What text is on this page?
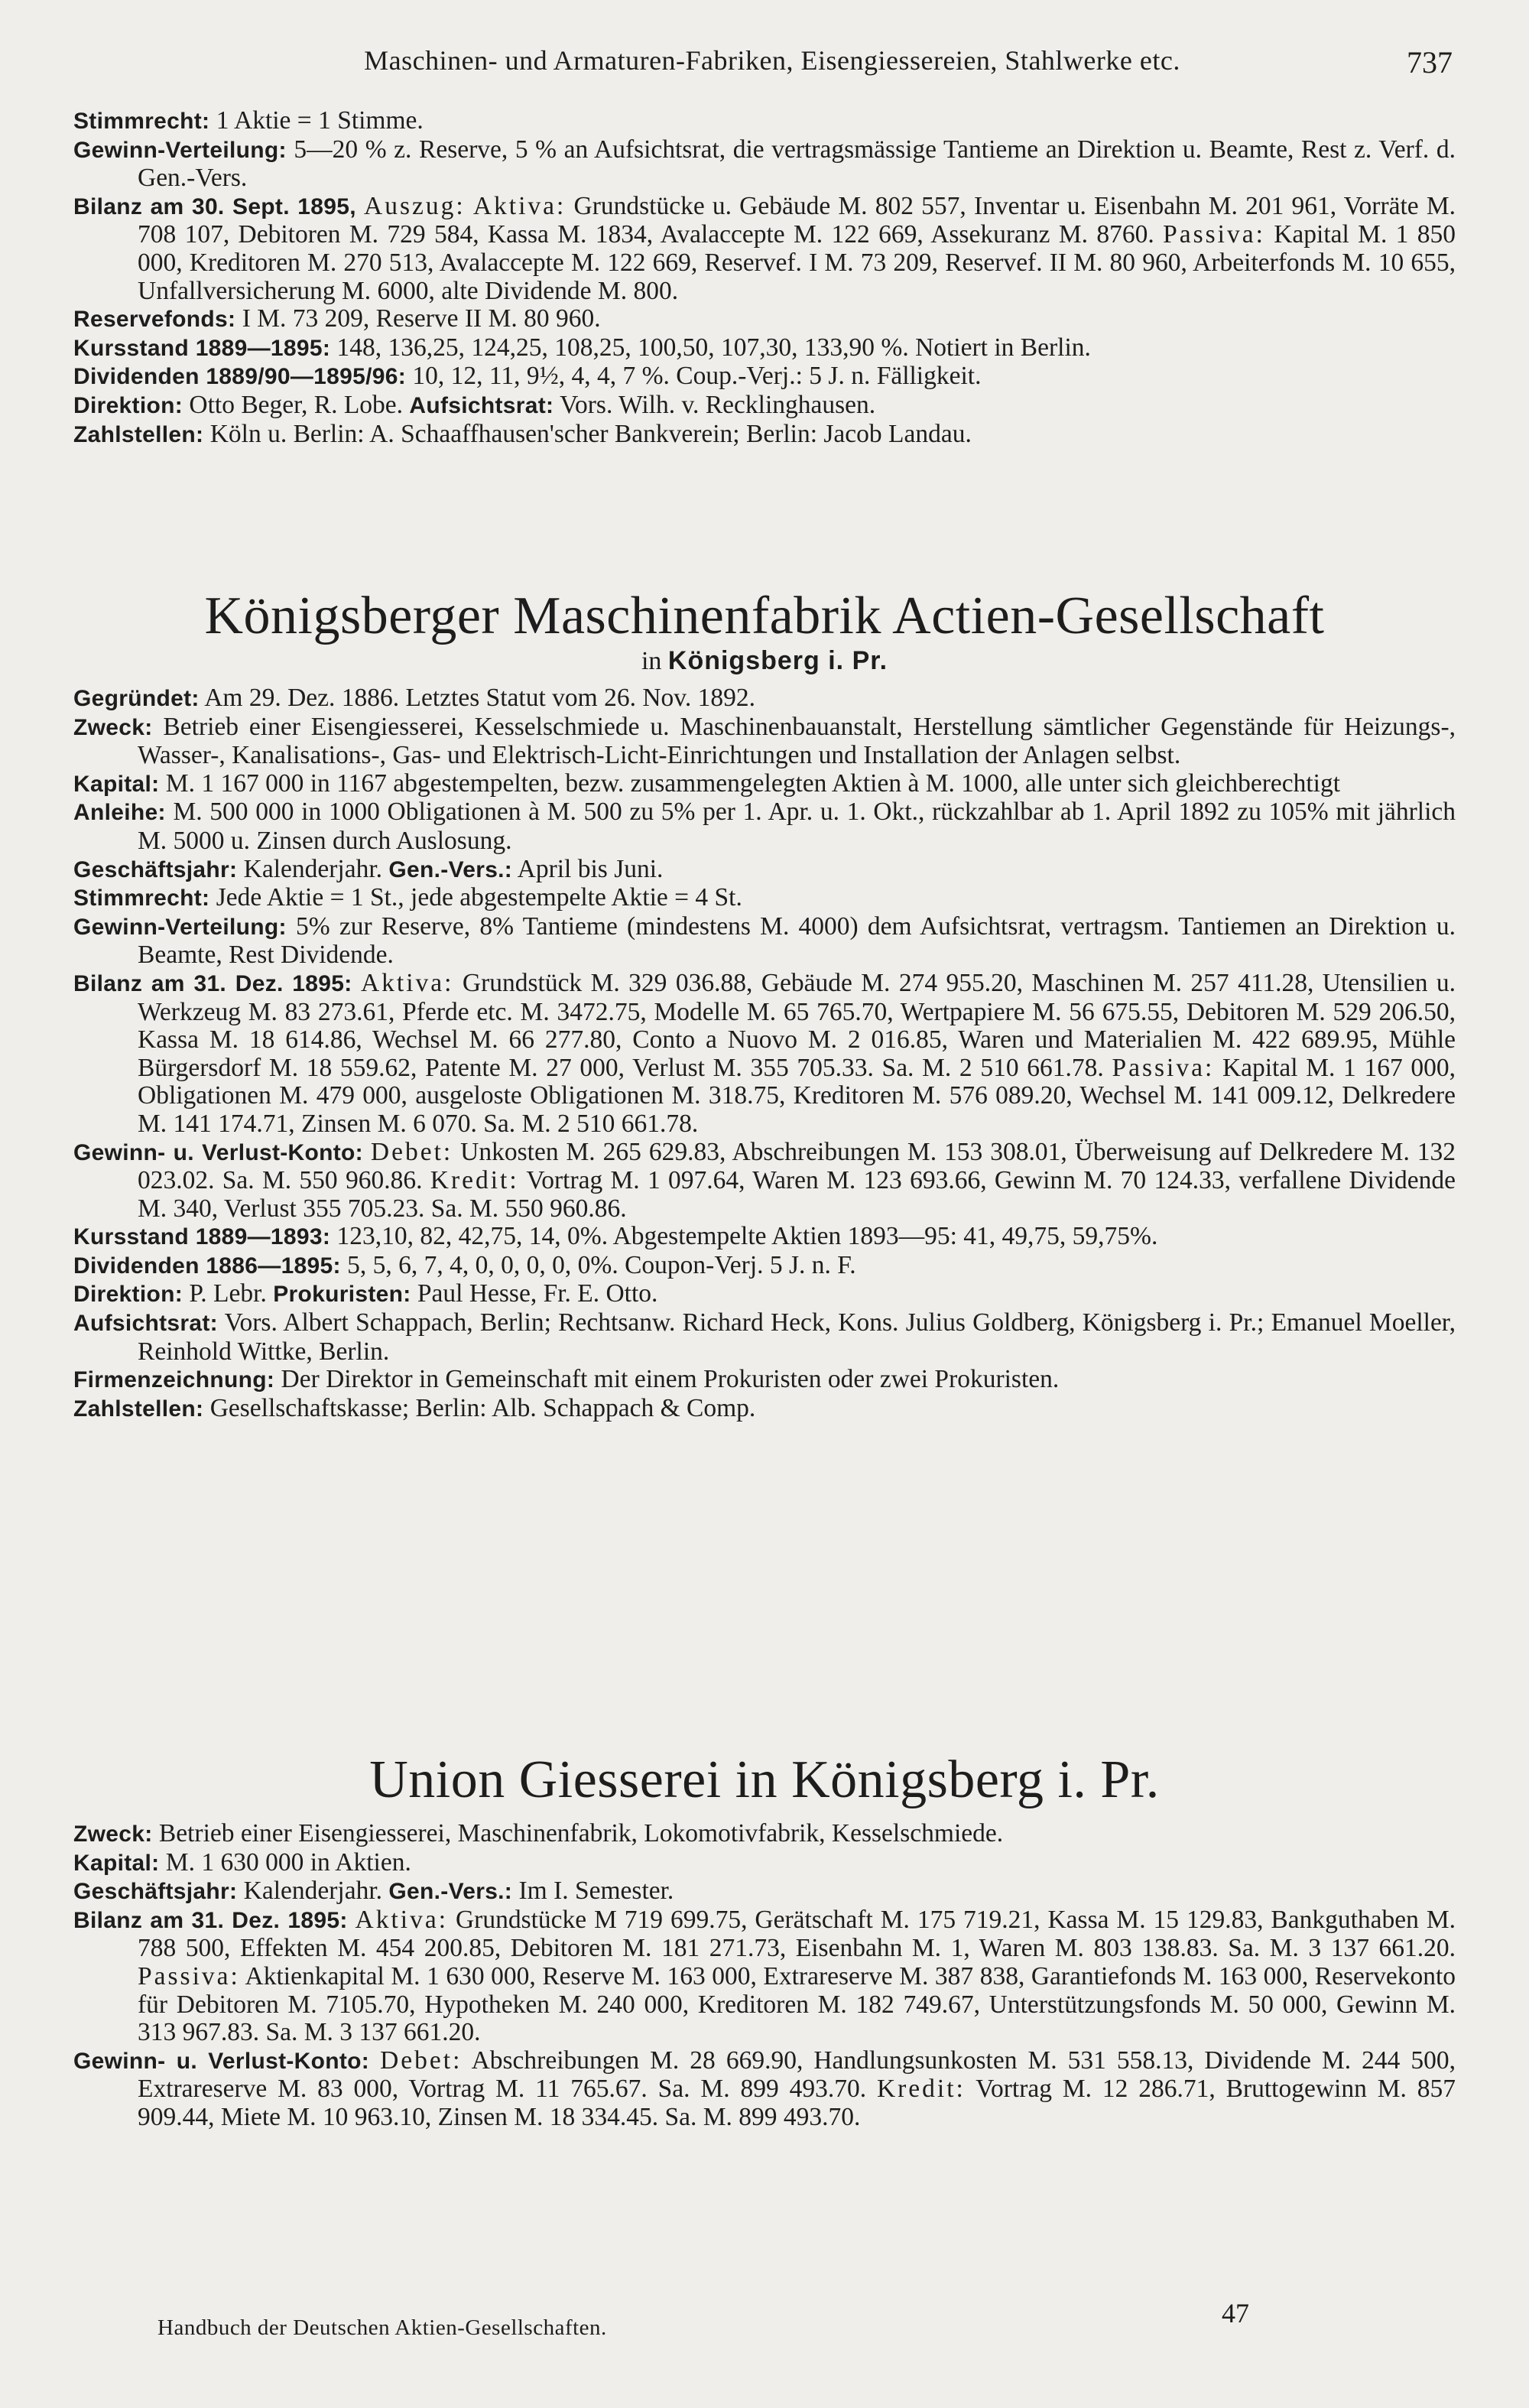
Maschinen- und Armaturen-Fabriken, Eisengiessereien, Stahlwerke etc.	737

Stimmrecht: 1 Aktie = 1 Stimme.

Gewinn-Verteilung: 5—20 % z. Reserve, 5 % an Aufsichtsrat, die vertragsmässige Tantieme an Direktion u. Beamte, Rest z. Verf. d. Gen.-Vers.

Bilanz am 30. Sept. 1895, Auszug: Aktiva: Grundstücke u. Gebäude M. 802 557, Inventar u. Eisenbahn M. 201 961, Vorräte M. 708 107, Debitoren M. 729 584, Kassa M. 1834, Avalaccepte M. 122 669, Assekuranz M. 8760. Passiva: Kapital M. 1 850 000, Kreditoren M. 270 513, Avalaccepte M. 122 669, Reservef. I M. 73 209, Reservef. II M. 80 960, Arbeiterfonds M. 10 655, Unfallversicherung M. 6000, alte Dividende M. 800.

Reservefonds: I M. 73 209, Reserve II M. 80 960.

Kursstand 1889—1895: 148, 136,25, 124,25, 108,25, 100,50, 107,30, 133,90 %. Notiert in Berlin.

Dividenden 1889/90—1895/96: 10, 12, 11, 9½, 4, 4, 7 %. Coup.-Verj.: 5 J. n. Fälligkeit.

Direktion: Otto Beger, R. Lobe. Aufsichtsrat: Vors. Wilh. v. Recklinghausen.

Zahlstellen: Köln u. Berlin: A. Schaaffhausen'scher Bankverein; Berlin: Jacob Landau.

Königsberger Maschinenfabrik Actien-Gesellschaft

in Königsberg i. Pr.

Gegründet: Am 29. Dez. 1886. Letztes Statut vom 26. Nov. 1892.

Zweck: Betrieb einer Eisengiesserei, Kesselschmiede u. Maschinenbauanstalt, Herstellung sämtlicher Gegenstände für Heizungs-, Wasser-, Kanalisations-, Gas- und Elektrisch-Licht-Einrichtungen und Installation der Anlagen selbst.

Kapital: M. 1 167 000 in 1167 abgestempelten, bezw. zusammengelegten Aktien à M. 1000, alle unter sich gleichberechtigt

Anleihe: M. 500 000 in 1000 Obligationen à M. 500 zu 5% per 1. Apr. u. 1. Okt., rückzahlbar ab 1. April 1892 zu 105% mit jährlich M. 5000 u. Zinsen durch Auslosung.

Geschäftsjahr: Kalenderjahr. Gen.-Vers.: April bis Juni.

Stimmrecht: Jede Aktie = 1 St., jede abgestempelte Aktie = 4 St.

Gewinn-Verteilung: 5% zur Reserve, 8% Tantieme (mindestens M. 4000) dem Aufsichtsrat, vertragsm. Tantiemen an Direktion u. Beamte, Rest Dividende.

Bilanz am 31. Dez. 1895: Aktiva: Grundstück M. 329 036.88, Gebäude M. 274 955.20, Maschinen M. 257 411.28, Utensilien u. Werkzeug M. 83 273.61, Pferde etc. M. 3472.75, Modelle M. 65 765.70, Wertpapiere M. 56 675.55, Debitoren M. 529 206.50, Kassa M. 18 614.86, Wechsel M. 66 277.80, Conto a Nuovo M. 2 016.85, Waren und Materialien M. 422 689.95, Mühle Bürgersdorf M. 18 559.62, Patente M. 27 000, Verlust M. 355 705.33. Sa. M. 2 510 661.78. Passiva: Kapital M. 1 167 000, Obligationen M. 479 000, ausgeloste Obligationen M. 318.75, Kreditoren M. 576 089.20, Wechsel M. 141 009.12, Delkredere M. 141 174.71, Zinsen M. 6 070. Sa. M. 2 510 661.78.

Gewinn- u. Verlust-Konto: Debet: Unkosten M. 265 629.83, Abschreibungen M. 153 308.01, Überweisung auf Delkredere M. 132 023.02. Sa. M. 550 960.86. Kredit: Vortrag M. 1 097.64, Waren M. 123 693.66, Gewinn M. 70 124.33, verfallene Dividende M. 340, Verlust 355 705.23. Sa. M. 550 960.86.

Kursstand 1889—1893: 123,10, 82, 42,75, 14, 0%. Abgestempelte Aktien 1893—95: 41, 49,75, 59,75%.

Dividenden 1886—1895: 5, 5, 6, 7, 4, 0, 0, 0, 0, 0%. Coupon-Verj. 5 J. n. F.

Direktion: P. Lebr. Prokuristen: Paul Hesse, Fr. E. Otto.

Aufsichtsrat: Vors. Albert Schappach, Berlin; Rechtsanw. Richard Heck, Kons. Julius Goldberg, Königsberg i. Pr.; Emanuel Moeller, Reinhold Wittke, Berlin.

Firmenzeichnung: Der Direktor in Gemeinschaft mit einem Prokuristen oder zwei Prokuristen.

Zahlstellen: Gesellschaftskasse; Berlin: Alb. Schappach & Comp.

Union Giesserei in Königsberg i. Pr.

Zweck: Betrieb einer Eisengiesserei, Maschinenfabrik, Lokomotivfabrik, Kesselschmiede.

Kapital: M. 1 630 000 in Aktien.

Geschäftsjahr: Kalenderjahr. Gen.-Vers.: Im I. Semester.

Bilanz am 31. Dez. 1895: Aktiva: Grundstücke M 719 699.75, Gerätschaft M. 175 719.21, Kassa M. 15 129.83, Bankguthaben M. 788 500, Effekten M. 454 200.85, Debitoren M. 181 271.73, Eisenbahn M. 1, Waren M. 803 138.83. Sa. M. 3 137 661.20. Passiva: Aktienkapital M. 1 630 000, Reserve M. 163 000, Extrareserve M. 387 838, Garantiefonds M. 163 000, Reservekonto für Debitoren M. 7105.70, Hypotheken M. 240 000, Kreditoren M. 182 749.67, Unterstützungsfonds M. 50 000, Gewinn M. 313 967.83. Sa. M. 3 137 661.20.

Gewinn- u. Verlust-Konto: Debet: Abschreibungen M. 28 669.90, Handlungsunkosten M. 531 558.13, Dividende M. 244 500, Extrareserve M. 83 000, Vortrag M. 11 765.67. Sa. M. 899 493.70. Kredit: Vortrag M. 12 286.71, Bruttogewinn M. 857 909.44, Miete M. 10 963.10, Zinsen M. 18 334.45. Sa. M. 899 493.70.

Handbuch der Deutschen Aktien-Gesellschaften.	47
